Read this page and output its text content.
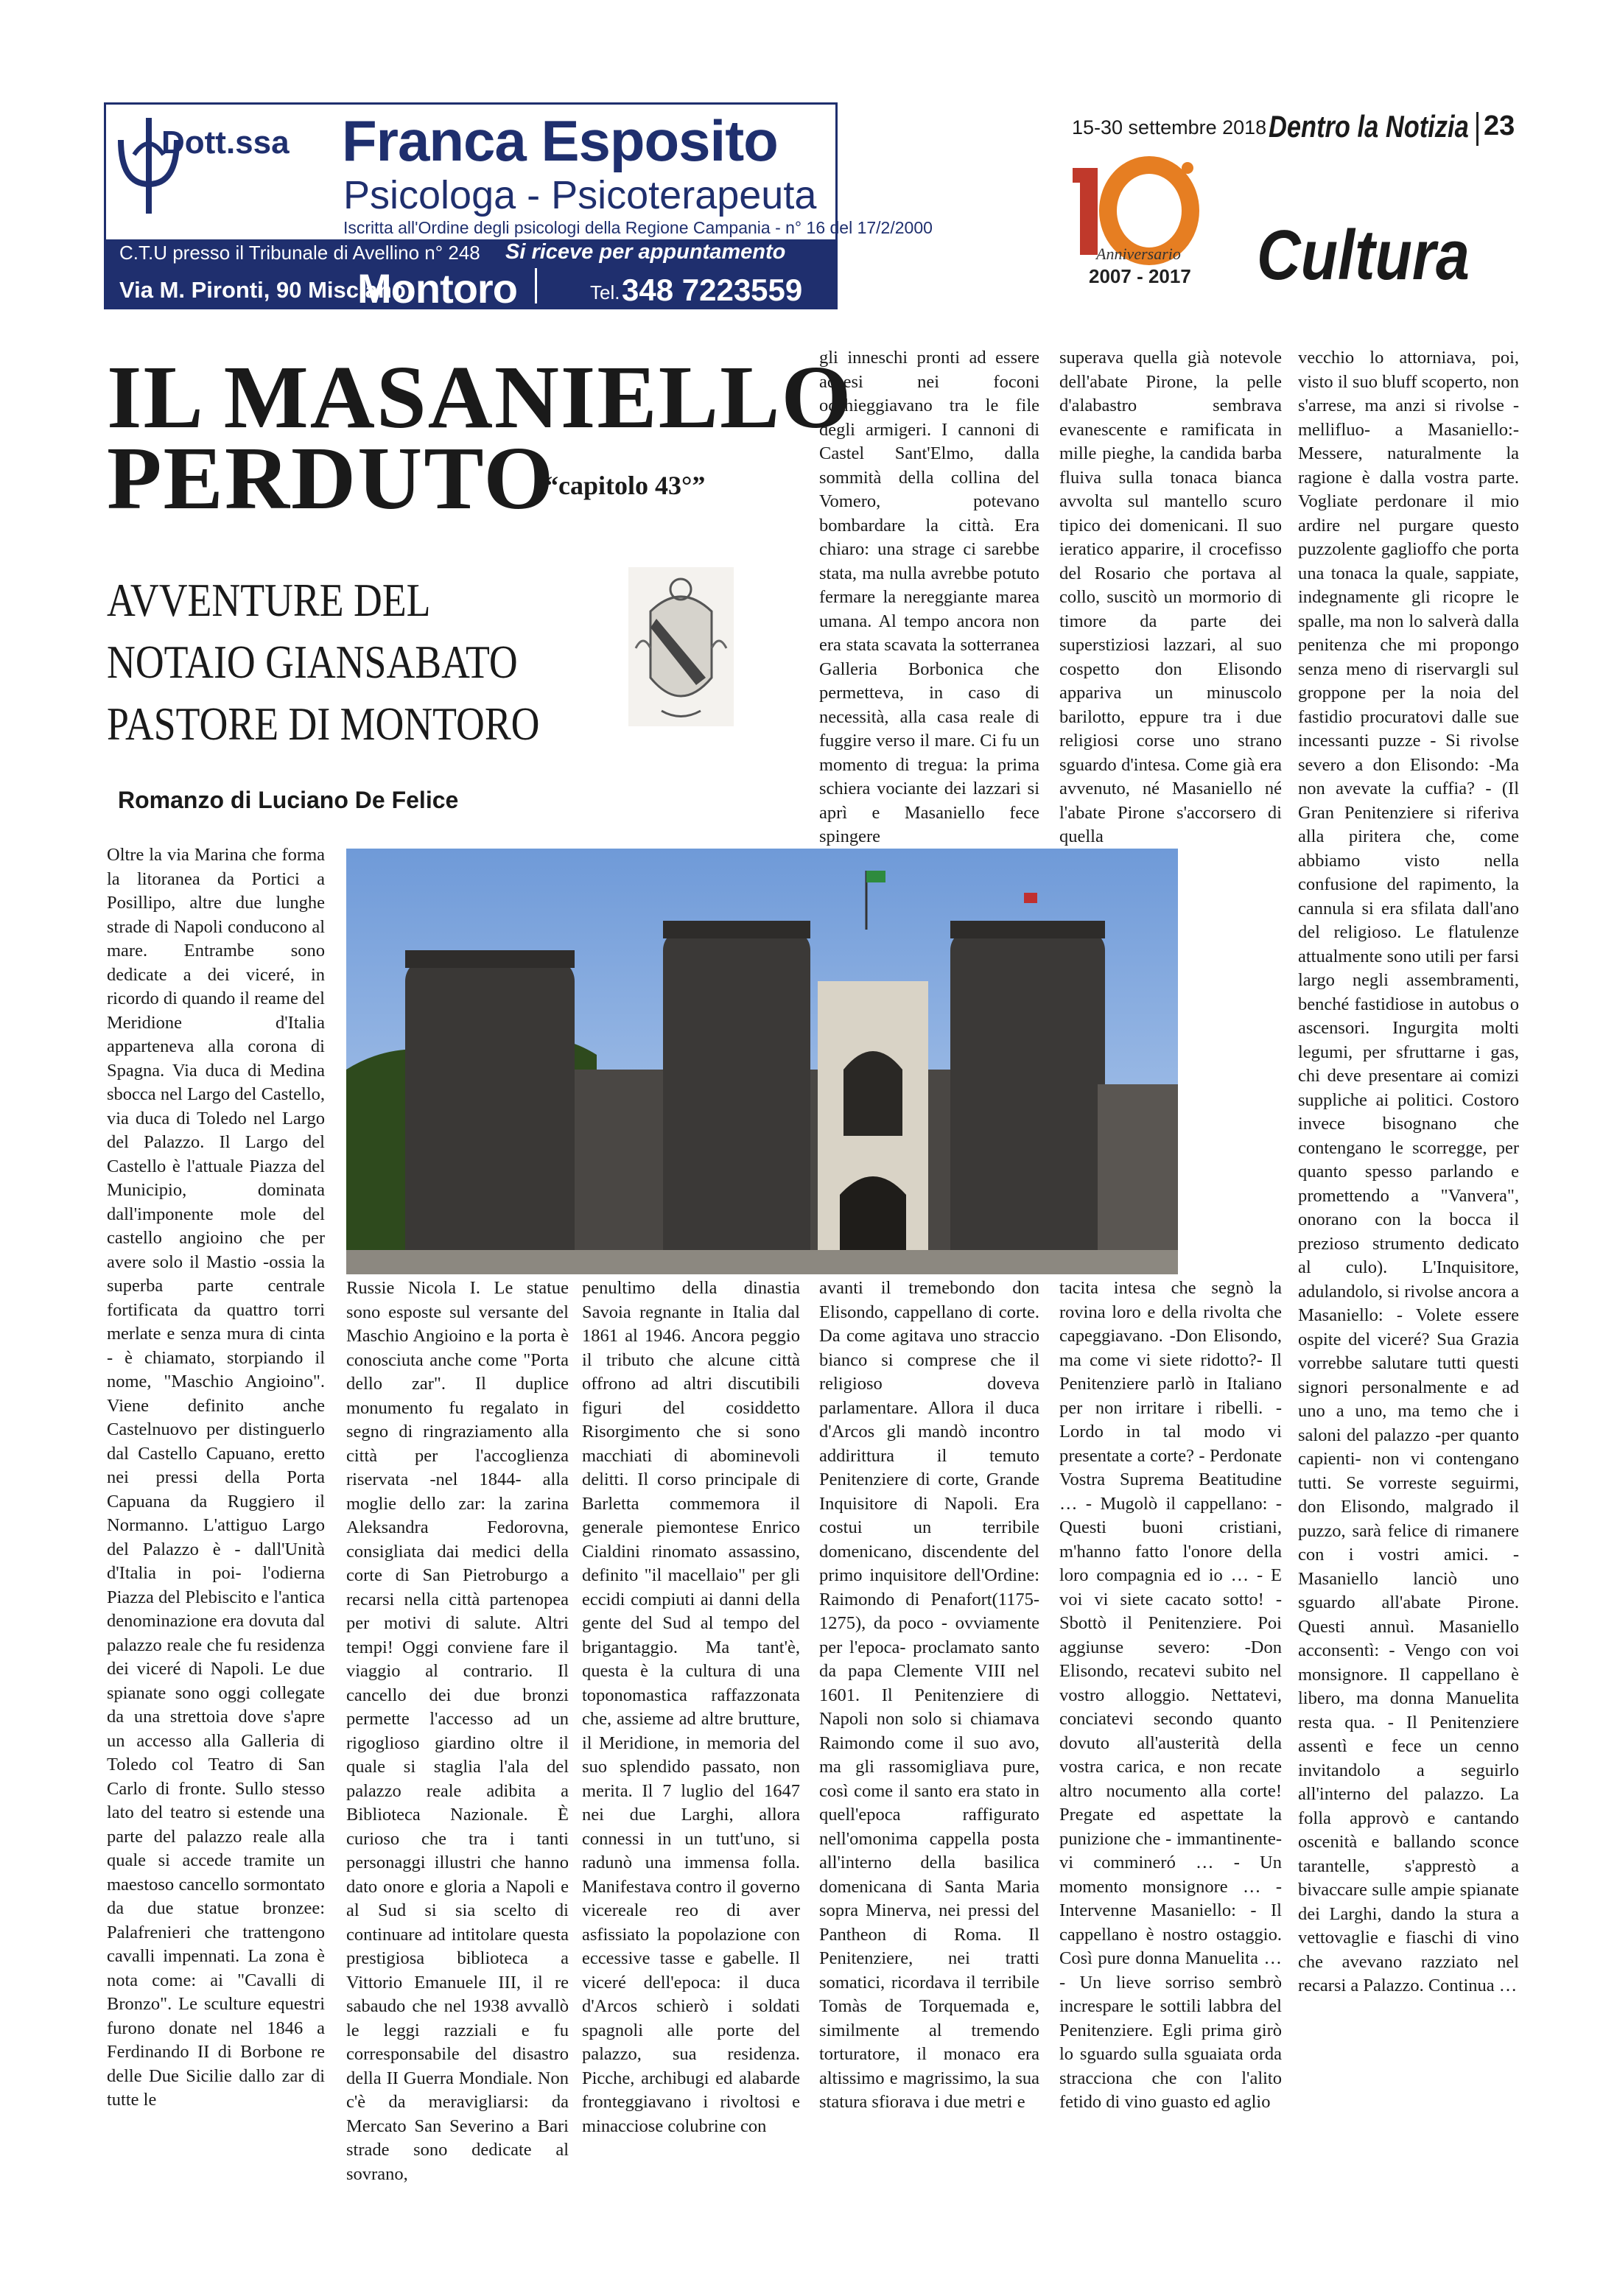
Dott.ssa Franca Esposito
Psicologa - Psicoterapeuta
Iscritta all'Ordine degli psicologi della Regione Campania - n° 16 del 17/2/2000
C.T.U presso il Tribunale di Avellino n° 248 Si riceve per appuntamento
Via M. Pironti, 90 Misciano
Montoro	Tel. 348 7223559
15-30 settembre 2018 Dentro la Notizia 23
Anniversario
2007 - 2017 Cultura
IL MASANIELLO
PERDUTO
“capitolo 43°”
AVVENTURE DEL
NOTAIO GIANSABATO
PASTORE DI MONTORO
Romanzo di Luciano De Felice

Oltre la via Marina che forma la litoranea da Portici a Posillipo, altre due lunghe strade di Napoli conducono al mare. Entrambe sono dedicate a dei viceré, in ricordo di quando il reame del Meridione d'Italia apparteneva alla corona di Spagna. Via duca di Medina sbocca nel Largo del Castello, via duca di Toledo nel Largo del Palazzo. Il Largo del Castello è l'attuale Piazza del Municipio, dominata dall'imponente mole del castello angioino che per avere solo il Mastio -ossia la superba parte centrale fortificata da quattro torri merlate e senza mura di cinta - è chiamato, storpiando il nome, "Maschio Angioino". Viene definito anche Castelnuovo per distinguerlo dal Castello Capuano, eretto nei pressi della Porta Capuana da Ruggiero il Normanno. L'attiguo Largo del Palazzo è - dall'Unità d'Italia in poi- l'odierna Piazza del Plebiscito e l'antica denominazione era dovuta dal palazzo reale che fu residenza dei viceré di Napoli. Le due spianate sono oggi collegate da una strettoia dove s'apre un accesso alla Galleria di Toledo col Teatro di San Carlo di fronte. Sullo stesso lato del teatro si estende una parte del palazzo reale alla quale si accede tramite un maestoso cancello sormontato da due statue bronzee: Palafrenieri che trattengono cavalli impennati. La zona è nota come: ai "Cavalli di Bronzo". Le sculture equestri furono donate nel 1846 a Ferdinando II di Borbone re delle Due Sicilie dallo zar di tutte le

Russie Nicola I. Le statue sono esposte sul versante del Maschio Angioino e la porta è conosciuta anche come "Porta dello zar". Il duplice monumento fu regalato in segno di ringraziamento alla città per l'accoglienza riservata -nel 1844- alla moglie dello zar: la zarina Aleksandra Fedorovna, consigliata dai medici della corte di San Pietroburgo a recarsi nella città partenopea per motivi di salute. Altri tempi! Oggi conviene fare il viaggio al contrario. Il cancello dei due bronzi permette l'accesso ad un rigoglioso giardino oltre il quale si staglia l'ala del palazzo reale adibita a Biblioteca Nazionale. È curioso che tra i tanti personaggi illustri che hanno dato onore e gloria a Napoli e al Sud si sia scelto di continuare ad intitolare questa prestigiosa biblioteca a Vittorio Emanuele III, il re sabaudo che nel 1938 avvallò le leggi razziali e fu corresponsabile del disastro della II Guerra Mondiale. Non c'è da meravigliarsi: da Mercato San Severino a Bari strade sono dedicate al sovrano,

penultimo della dinastia Savoia regnante in Italia dal 1861 al 1946. Ancora peggio il tributo che alcune città offrono ad altri discutibili figuri del cosiddetto Risorgimento che si sono macchiati di abominevoli delitti. Il corso principale di Barletta commemora il generale piemontese Enrico Cialdini rinomato assassino, definito "il macellaio" per gli eccidi compiuti ai danni della gente del Sud al tempo del brigantaggio. Ma tant'è, questa è la cultura di una toponomastica raffazzonata che, assieme ad altre brutture, il Meridione, in memoria del suo splendido passato, non merita. Il 7 luglio del 1647 nei due Larghi, allora connessi in un tutt'uno, si radunò una immensa folla. Manifestava contro il governo vicereale reo di aver asfissiato la popolazione con eccessive tasse e gabelle. Il viceré dell'epoca: il duca d'Arcos schierò i soldati spagnoli alle porte del palazzo, sua residenza. Picche, archibugi ed alabarde fronteggiavano i rivoltosi e minacciose colubrine con

gli inneschi pronti ad essere accesi nei foconi occhieggiavano tra le file degli armigeri. I cannoni di Castel Sant'Elmo, dalla sommità della collina del Vomero, potevano bombardare la città. Era chiaro: una strage ci sarebbe stata, ma nulla avrebbe potuto fermare la nereggiante marea umana. Al tempo ancora non era stata scavata la sotterranea Galleria Borbonica che permetteva, in caso di necessità, alla casa reale di fuggire verso il mare. Ci fu un momento di tregua: la prima schiera vociante dei lazzari si aprì e Masaniello fece spingere

avanti il tremebondo don Elisondo, cappellano di corte. Da come agitava uno straccio bianco si comprese che il religioso doveva parlamentare. Allora il duca d'Arcos gli mandò incontro addirittura il temuto Penitenziere di corte, Grande Inquisitore di Napoli. Era costui un terribile domenicano, discendente del primo inquisitore dell'Ordine: Raimondo di Penafort(1175-1275), da poco - ovviamente per l'epoca- proclamato santo da papa Clemente VIII nel 1601. Il Penitenziere di Napoli non solo si chiamava Raimondo come il suo avo, ma gli rassomigliava pure, così come il santo era stato in quell'epoca raffigurato nell'omonima cappella posta all'interno della basilica domenicana di Santa Maria sopra Minerva, nei pressi del Pantheon di Roma. Il Penitenziere, nei tratti somatici, ricordava il terribile Tomàs de Torquemada e, similmente al tremendo torturatore, il monaco era altissimo e magrissimo, la sua statura sfiorava i due metri e

superava quella già notevole dell'abate Pirone, la pelle d'alabastro sembrava evanescente e ramificata in mille pieghe, la candida barba fluiva sulla tonaca bianca avvolta sul mantello scuro tipico dei domenicani. Il suo ieratico apparire, il crocefisso del Rosario che portava al collo, suscitò un mormorio di timore da parte dei superstiziosi lazzari, al suo cospetto don Elisondo appariva un minuscolo barilotto, eppure tra i due religiosi corse uno strano sguardo d'intesa. Come già era avvenuto, né Masaniello né l'abate Pirone s'accorsero di quella

tacita intesa che segnò la rovina loro e della rivolta che capeggiavano. -Don Elisondo, ma come vi siete ridotto?- Il Penitenziere parlò in Italiano per non irritare i ribelli. -Lordo in tal modo vi presentate a corte? - Perdonate Vostra Suprema Beatitudine … - Mugolò il cappellano: - Questi buoni cristiani, m'hanno fatto l'onore della loro compagnia ed io … - E voi vi siete cacato sotto! - Sbottò il Penitenziere. Poi aggiunse severo: -Don Elisondo, recatevi subito nel vostro alloggio. Nettatevi, conciatevi secondo quanto dovuto all'austerità della vostra carica, e non recate altro nocumento alla corte! Pregate ed aspettate la punizione che - immantinente- vi commineró … - Un momento monsignore … - Intervenne Masaniello: - Il cappellano è nostro ostaggio. Così pure donna Manuelita … - Un lieve sorriso sembrò increspare le sottili labbra del Penitenziere. Egli prima girò lo sguardo sulla sguaiata orda stracciona che con l'alito fetido di vino guasto ed aglio

vecchio lo attorniava, poi, visto il suo bluff scoperto, non s'arrese, ma anzi si rivolse -mellifluo- a Masaniello:- Messere, naturalmente la ragione è dalla vostra parte. Vogliate perdonare il mio ardire nel purgare questo puzzolente gaglioffo che porta una tonaca la quale, sappiate, indegnamente gli ricopre le spalle, ma non lo salverà dalla penitenza che mi propongo senza meno di riservargli sul groppone per la noia del fastidio procuratovi dalle sue incessanti puzze - Si rivolse severo a don Elisondo: -Ma non avevate la cuffia? - (Il Gran Penitenziere si riferiva alla piritera che, come abbiamo visto nella confusione del rapimento, la cannula si era sfilata dall'ano del religioso. Le flatulenze attualmente sono utili per farsi largo negli assembramenti, benché fastidiose in autobus o ascensori. Ingurgita molti legumi, per sfruttarne i gas, chi deve presentare ai comizi suppliche ai politici. Costoro invece bisognano che contengano le scorregge, per quanto spesso parlando e promettendo a "Vanvera", onorano con la bocca il prezioso strumento dedicato al culo). L'Inquisitore, adulandolo, si rivolse ancora a Masaniello: - Volete essere ospite del viceré? Sua Grazia vorrebbe salutare tutti questi signori personalmente e ad uno a uno, ma temo che i saloni del palazzo -per quanto capienti- non vi contengano tutti. Se vorreste seguirmi, don Elisondo, malgrado il puzzo, sarà felice di rimanere con i vostri amici. - Masaniello lanciò uno sguardo all'abate Pirone. Questi annuì. Masaniello acconsentì: - Vengo con voi monsignore. Il cappellano è libero, ma donna Manuelita resta qua. - Il Penitenziere assentì e fece un cenno invitandolo a seguirlo all'interno del palazzo. La folla approvò e cantando oscenità e ballando sconce tarantelle, s'apprestò a bivaccare sulle ampie spianate dei Larghi, dando la stura a vettovaglie e fiaschi di vino che avevano razziato nel recarsi a Palazzo. Continua …
